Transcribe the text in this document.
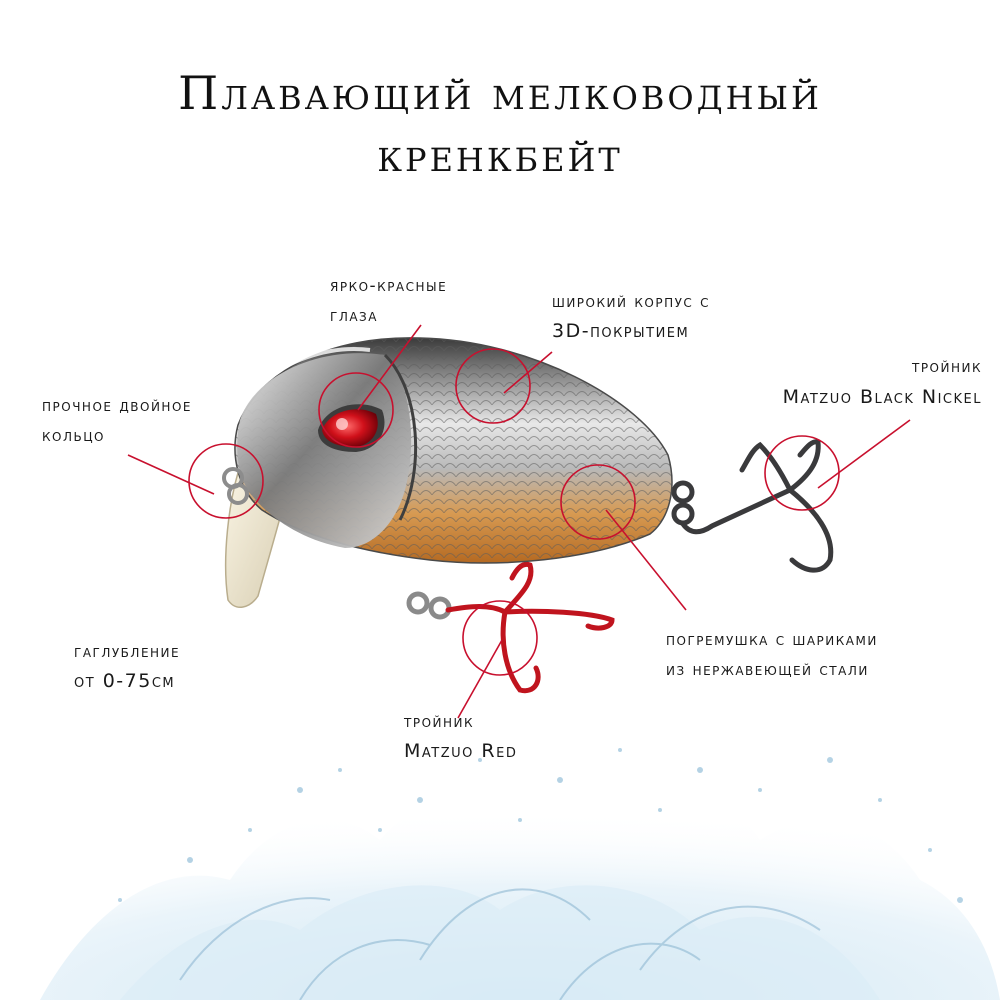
Плавающий мелководный
кренкбейт
ярко-красные
глаза
широкий корпус с
3D-покрытием
тройник
Matzuo Black Nickel
прочное двойное
кольцо
гаглубление
от 0-75см
погремушка с шариками
из нержавеющей стали
тройник
Matzuo Red
